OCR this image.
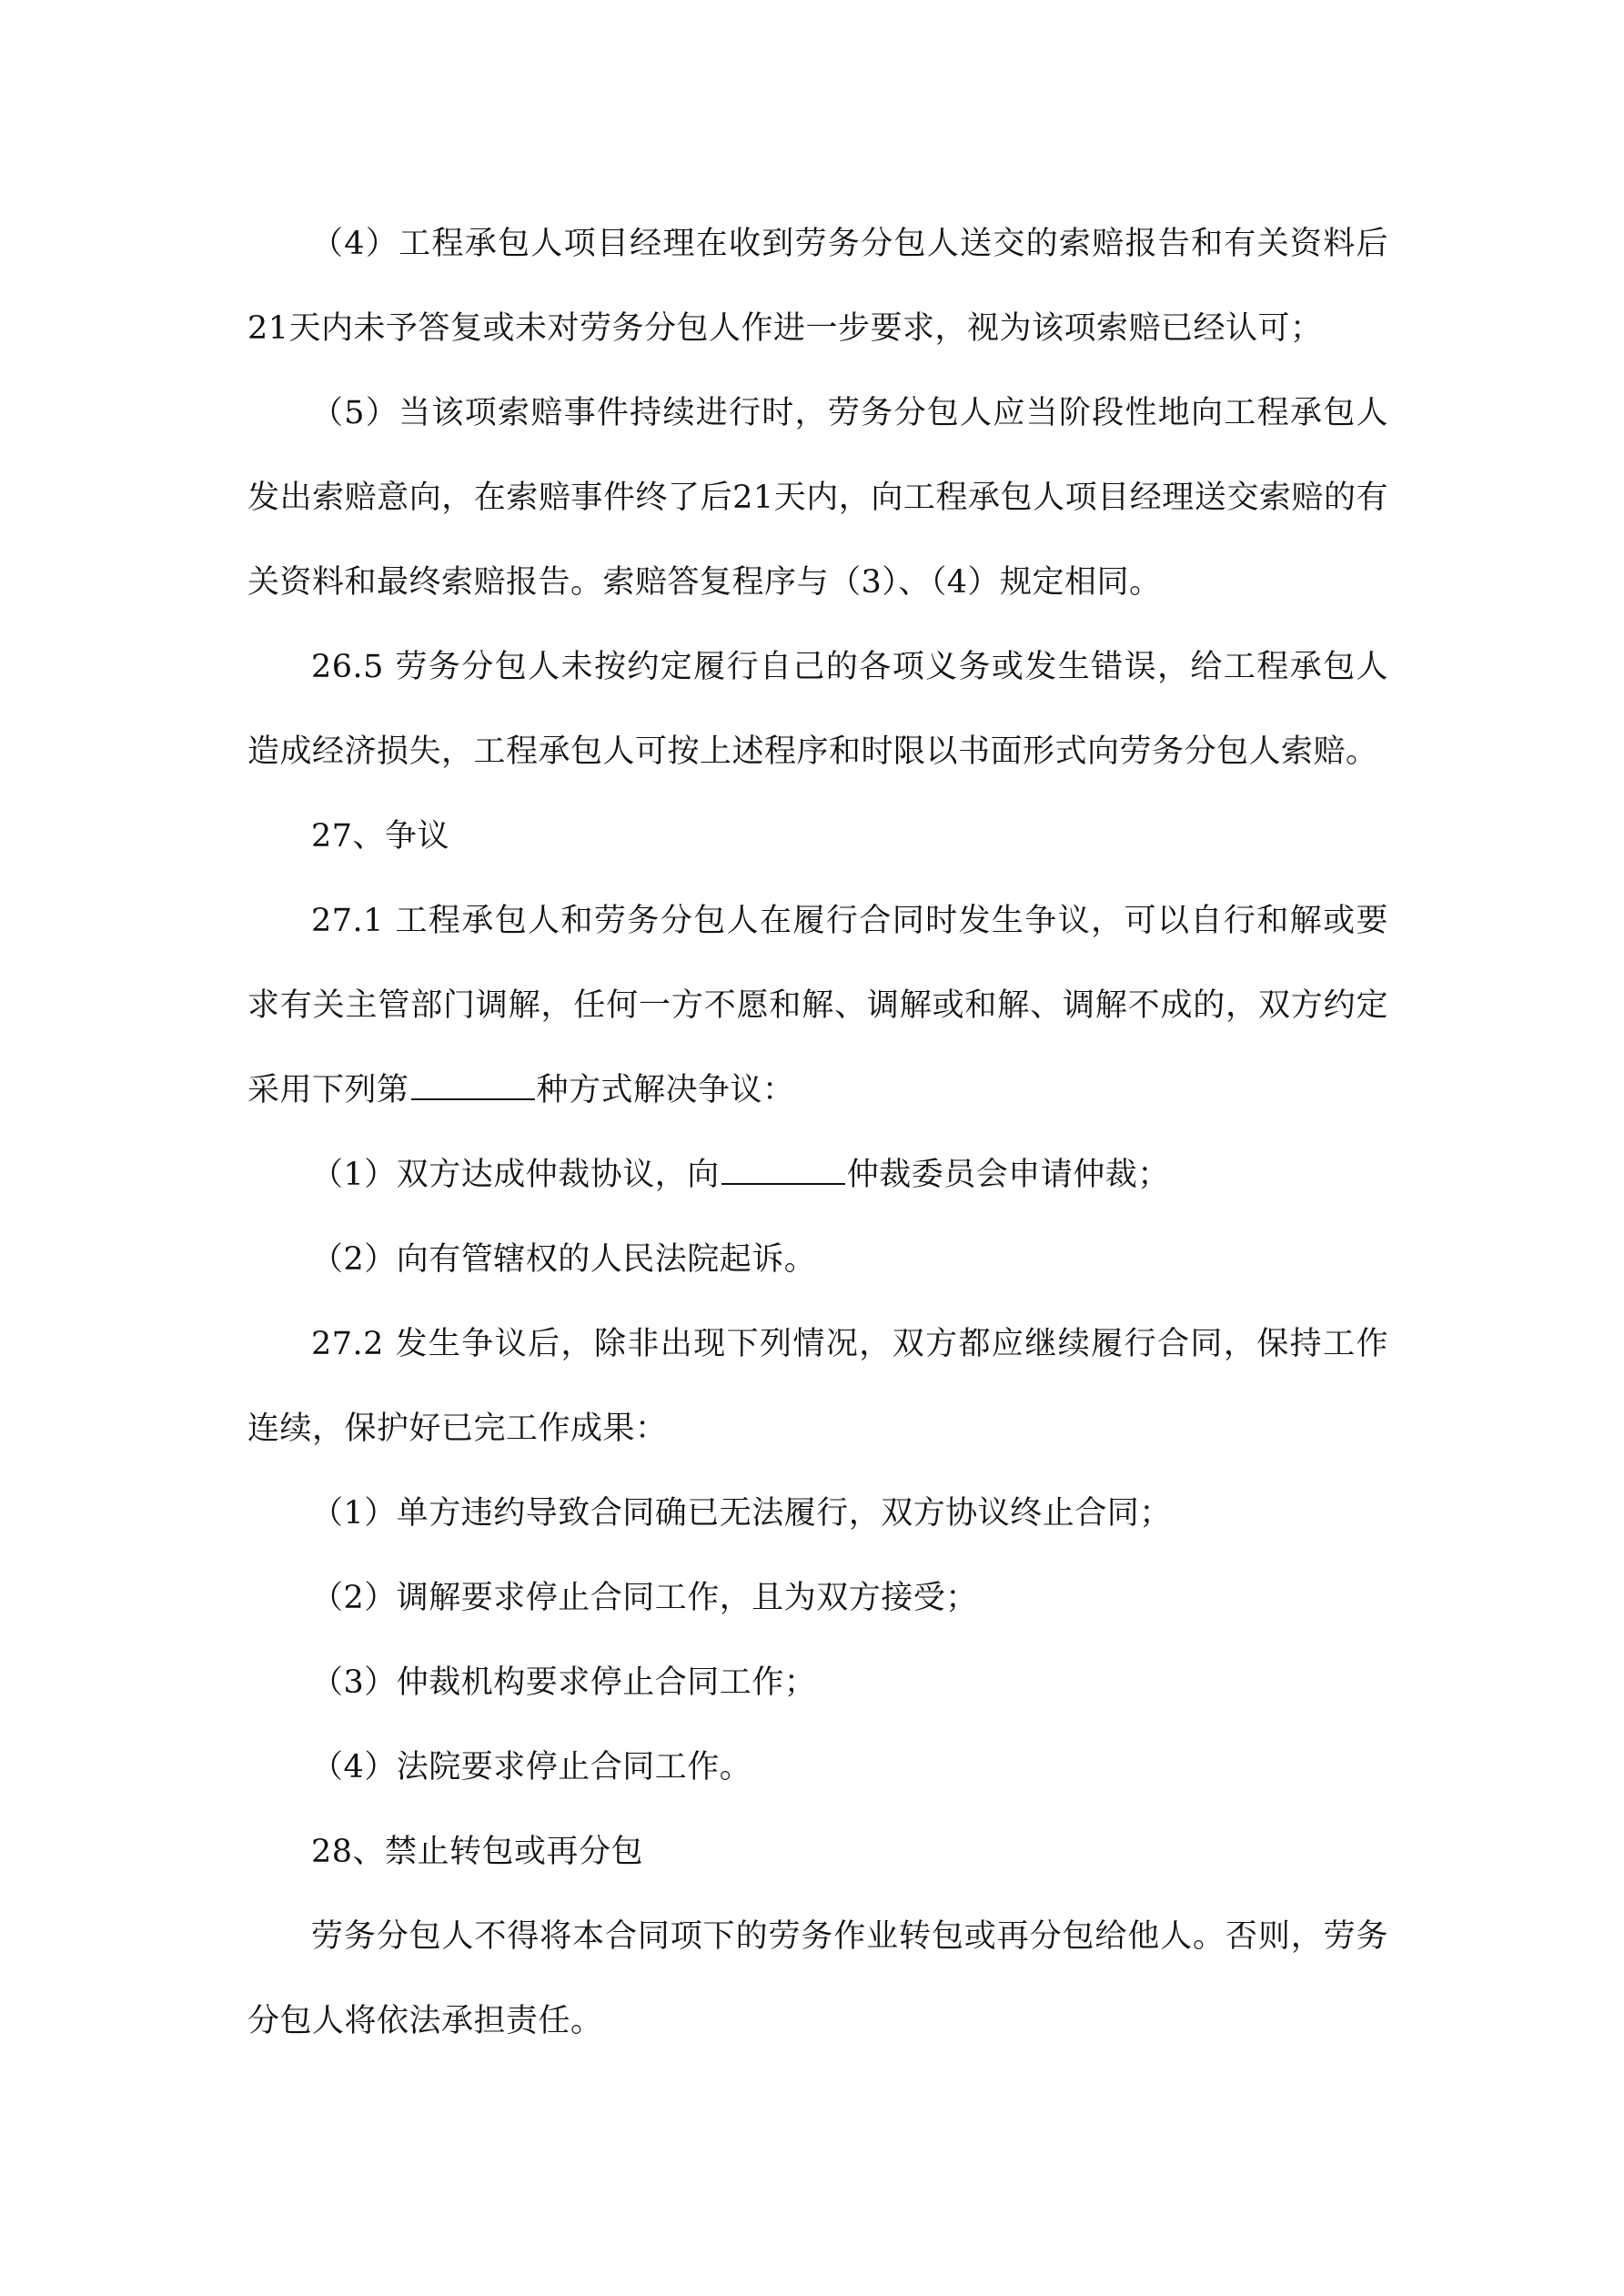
（4）工程承包人项目经理在收到劳务分包人送交的索赔报告和有关资料后21天内未予答复或未对劳务分包人作进一步要求，视为该项索赔已经认可；

（5）当该项索赔事件持续进行时，劳务分包人应当阶段性地向工程承包人发出索赔意向，在索赔事件终了后21天内，向工程承包人项目经理送交索赔的有关资料和最终索赔报告。索赔答复程序与（3）、（4）规定相同。

26.5 劳务分包人未按约定履行自己的各项义务或发生错误，给工程承包人造成经济损失，工程承包人可按上述程序和时限以书面形式向劳务分包人索赔。

27、争议

27.1 工程承包人和劳务分包人在履行合同时发生争议，可以自行和解或要求有关主管部门调解，任何一方不愿和解、调解或和解、调解不成的，双方约定采用下列第	种方式解决争议：

（1）双方达成仲裁协议，向	仲裁委员会申请仲裁；

（2）向有管辖权的人民法院起诉。

27.2 发生争议后，除非出现下列情况，双方都应继续履行合同，保持工作连续，保护好已完工作成果：

（1）单方违约导致合同确已无法履行，双方协议终止合同；

（2）调解要求停止合同工作，且为双方接受；

（3）仲裁机构要求停止合同工作；

（4）法院要求停止合同工作。

28、禁止转包或再分包

劳务分包人不得将本合同项下的劳务作业转包或再分包给他人。否则，劳务分包人将依法承担责任。
